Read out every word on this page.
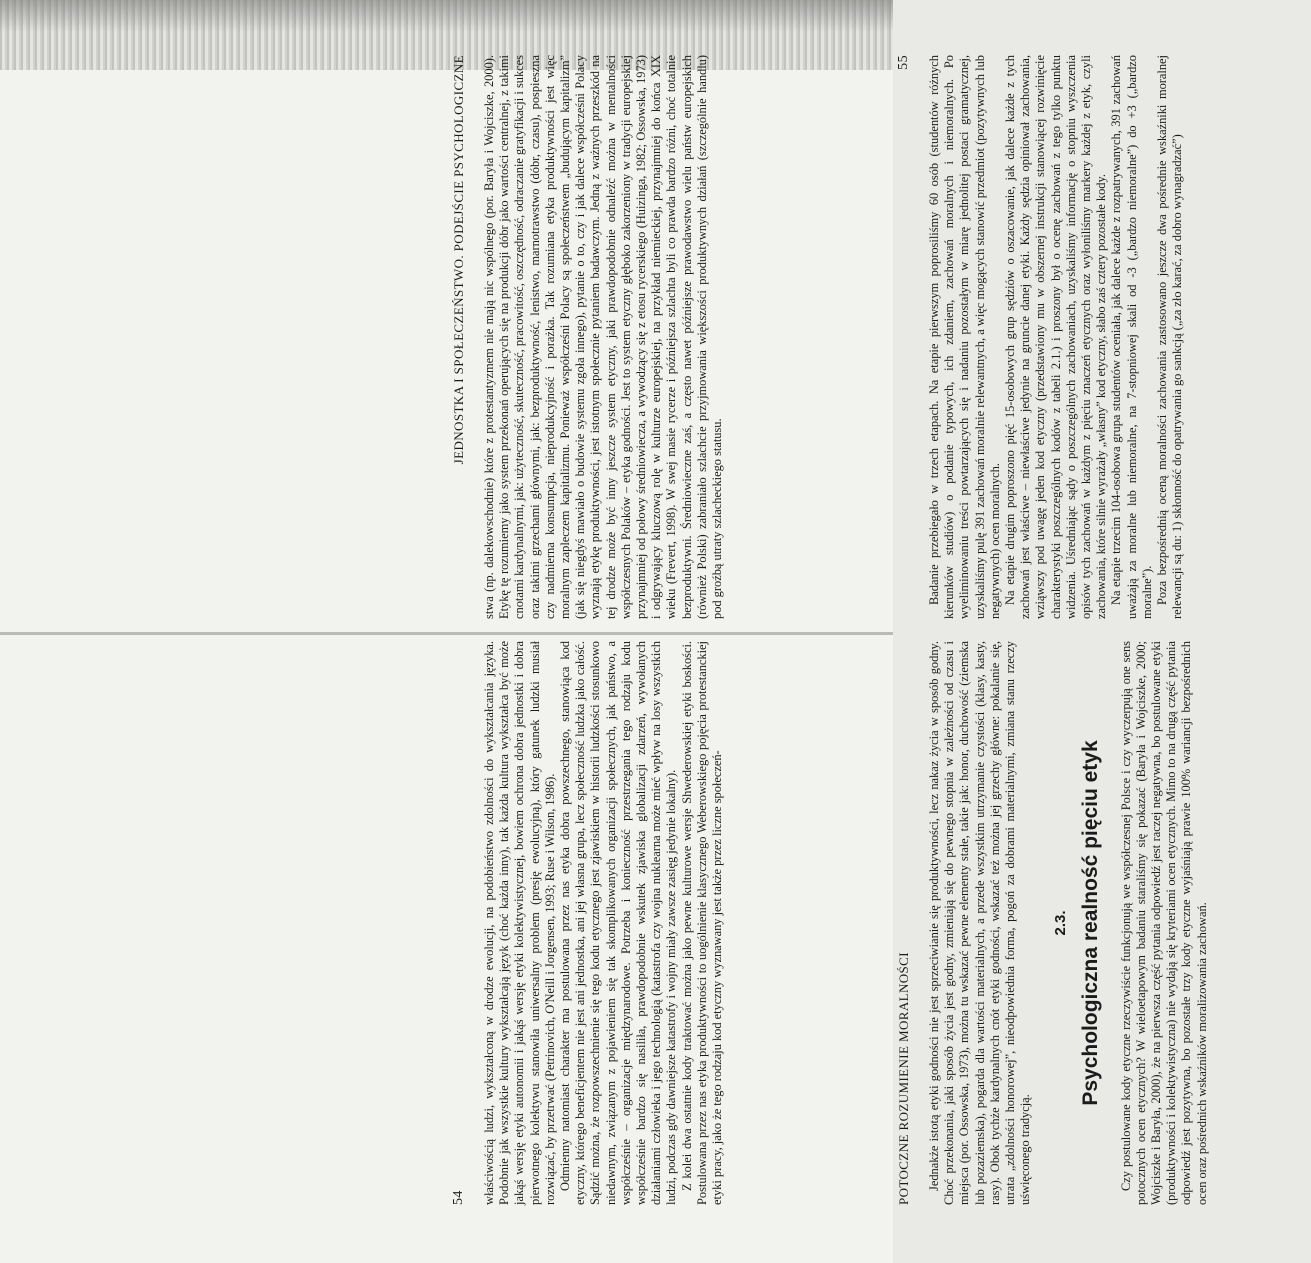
54
JEDNOSTKA I SPOŁECZEŃSTWO. PODEJŚCIE PSYCHOLOGICZNE

właściwością ludzi, wykształconą w drodze ewolucji, na podobieństwo zdolności do wykształcania języka. Podobnie jak wszystkie kultury wykształcają język (choć każda inny), tak każda kultura wykształca być może jakąś wersję etyki autonomii i jakąś wersję etyki kolektywistycznej, bowiem ochrona dobra jednostki i dobra pierwotnego kolektywu stanowiła uniwersalny problem (presję ewolucyjną), który gatunek ludzki musiał rozwiązać, by przetrwać (Petrinovich, O'Neill i Jorgensen, 1993; Ruse i Wilson, 1986). Odmienny natomiast charakter ma postulowana przez nas etyka dobra powszechnego, stanowiąca kod etyczny, którego beneficjentem nie jest ani jednostka, ani jej własna grupa, lecz społeczność ludzka jako całość. Sądzić można, że rozpowszechnienie się tego kodu etycznego jest zjawiskiem w historii ludzkości stosunkowo niedawnym, związanym z pojawieniem się tak skomplikowanych organizacji społecznych, jak państwo, a współcześnie – organizacje międzynarodowe. Potrzeba i konieczność przestrzegania tego rodzaju kodu współcześnie bardzo się nasiliła, prawdopodobnie wskutek zjawiska globalizacji zdarzeń, wywołanych działaniami człowieka i jego technologią (katastrofa czy wojna nuklearna może mieć wpływ na losy wszystkich ludzi, podczas gdy dawniejsze katastrofy i wojny miały zawsze zasięg jedynie lokalny). Z kolei dwa ostatnie kody traktować można jako pewne kulturowe wersje Shwederowskiej etyki boskości. Postulowana przez nas etyka produktywności to uogólnienie klasycznego Weberowskiego pojęcia protestanckiej etyki pracy, jako że tego rodzaju kod etyczny wyznawany jest także przez liczne społeczeń-

stwa (np. dalekowschodnie) które z protestantyzmem nie mają nic wspólnego (por. Baryła i Wojciszke, 2000). Etykę tę rozumiemy jako system przekonań operujących się na produkcji dóbr jako wartości centralnej, z takimi cnotami kardynalnymi, jak: użyteczność, skuteczność, pracowitość, oszczędność, odraczanie gratyfikacji i sukces oraz takimi grzechami głównymi, jak: bezproduktywność, lenistwo, marnotrawstwo (dóbr, czasu), pospieszna czy nadmierna konsumpcja, nieprodukcyjność i porażka. Tak rozumiana etyka produktywności jest więc moralnym zapleczem kapitalizmu. Ponieważ współcześni Polacy są społeczeństwem „budującym kapitalizm” (jak się niegdyś mawiało o budowie systemu zgoła innego), pytanie o to, czy i jak dalece współcześni Polacy wyznają etykę produktywności, jest istotnym społecznie pytaniem badawczym. Jedną z ważnych przeszkód na tej drodze może być inny jeszcze system etyczny, jaki prawdopodobnie odnaleźć można w mentalności współczesnych Polaków – etyka godności. Jest to system etyczny głęboko zakorzeniony w tradycji europejskiej przynajmniej od połowy średniowiecza, a wywodzący się z etosu rycerskiego (Huizinga, 1982; Ossowska, 1973) i odgrywający kluczową rolę w kulturze europejskiej, na przykład niemieckiej, przynajmniej do końca XIX wieku (Frevert, 1998). W swej masie rycerze i późniejsza szlachta byli co prawda bardzo różni, choć totalnie bezproduktywni. Średniowieczne zaś, a często nawet późniejsze prawodawstwo wielu państw europejskich (również Polski) zabraniało szlachcie przyjmowania większości produktywnych działań (szczególnie handlu) pod groźbą utraty szlacheckiego statusu.

POTOCZNE ROZUMIENIE MORALNOŚCI
55

Jednakże istotą etyki godności nie jest sprzeciwianie się produktywności, lecz nakaz życia w sposób godny. Choć przekonania, jaki sposób życia jest godny, zmieniają się do pewnego stopnia w zależności od czasu i miejsca (por. Ossowska, 1973), można tu wskazać pewne elementy stałe, takie jak: honor, duchowość (ziemska lub pozaziemska), pogarda dla wartości materialnych, a przede wszystkim utrzymanie czystości (klasy, kasty, rasy). Obok tychże kardynalnych cnót etyki godności, wskazać też można jej grzechy główne: pokalanie się, utrata „zdolności honorowej”, nieodpowiednia forma, pogoń za dobrami materialnymi, zmiana stanu rzeczy uświęconego tradycją.

2.3. Psychologiczna realność pięciu etyk Czy postulowane kody etyczne rzeczywiście funkcjonują we współczesnej Polsce i czy wyczerpują one sens potocznych ocen etycznych? W wieloetapowym badaniu staraliśmy się pokazać (Baryła i Wojciszke, 2000; Wojciszke i Baryła, 2000), że na pierwsza część pytania odpowiedź jest raczej negatywna, bo postulowane etyki (produktywności i kolektywistyczna) nie wydają się kryteriami ocen etycznych. Mimo to na drugą część pytania odpowiedź jest pozytywna, bo pozostałe trzy kody etyczne wyjaśniają prawie 100% wariancji bezpośrednich ocen oraz pośrednich wskaźników moralizowania zachowań.

Badanie przebiegało w trzech etapach. Na etapie pierwszym poprosiliśmy 60 osób (studentów różnych kierunków studiów) o podanie typowych, ich zdaniem, zachowań moralnych i niemoralnych. Po wyeliminowaniu treści powtarzających się i nadaniu pozostałym w miarę jednolitej postaci gramatycznej, uzyskaliśmy pulę 391 zachowań moralnie relewantnych, a więc mogących stanowić przedmiot (pozytywnych lub negatywnych) ocen moralnych. Na etapie drugim poproszono pięć 15-osobowych grup sędziów o oszacowanie, jak dalece każde z tych zachowań jest właściwe – niewłaściwe jedynie na gruncie danej etyki. Każdy sędzia opiniował zachowania, wziąwszy pod uwagę jeden kod etyczny (przedstawiony mu w obszernej instrukcji stanowiącej rozwinięcie charakterystyki poszczególnych kodów z tabeli 2.1.) i proszony był o ocenę zachowań z tego tylko punktu widzenia. Uśredniając sądy o poszczególnych zachowaniach, uzyskaliśmy informację o stopniu wyszczenia opisów tych zachowań w każdym z pięciu znaczeń etycznych oraz wyłoniliśmy markery każdej z etyk, czyli zachowania, które silnie wyrażały „własny” kod etyczny, słabo zaś cztery pozostałe kody. Na etapie trzecim 104-osobowa grupa studentów oceniała, jak dalece każde z rozpatrywanych, 391 zachowań uważają za moralne lub niemoralne, na 7-stopniowej skali od -3 („bardzo niemoralne”) do +3 („bardzo moralne”). Poza bezpośrednią oceną moralności zachowania zastosowano jeszcze dwa pośrednie wskaźniki moralnej relewancji są du: 1) skłonność do opatrywania go sankcją („za zło karać, za dobro wynagradzać”)
